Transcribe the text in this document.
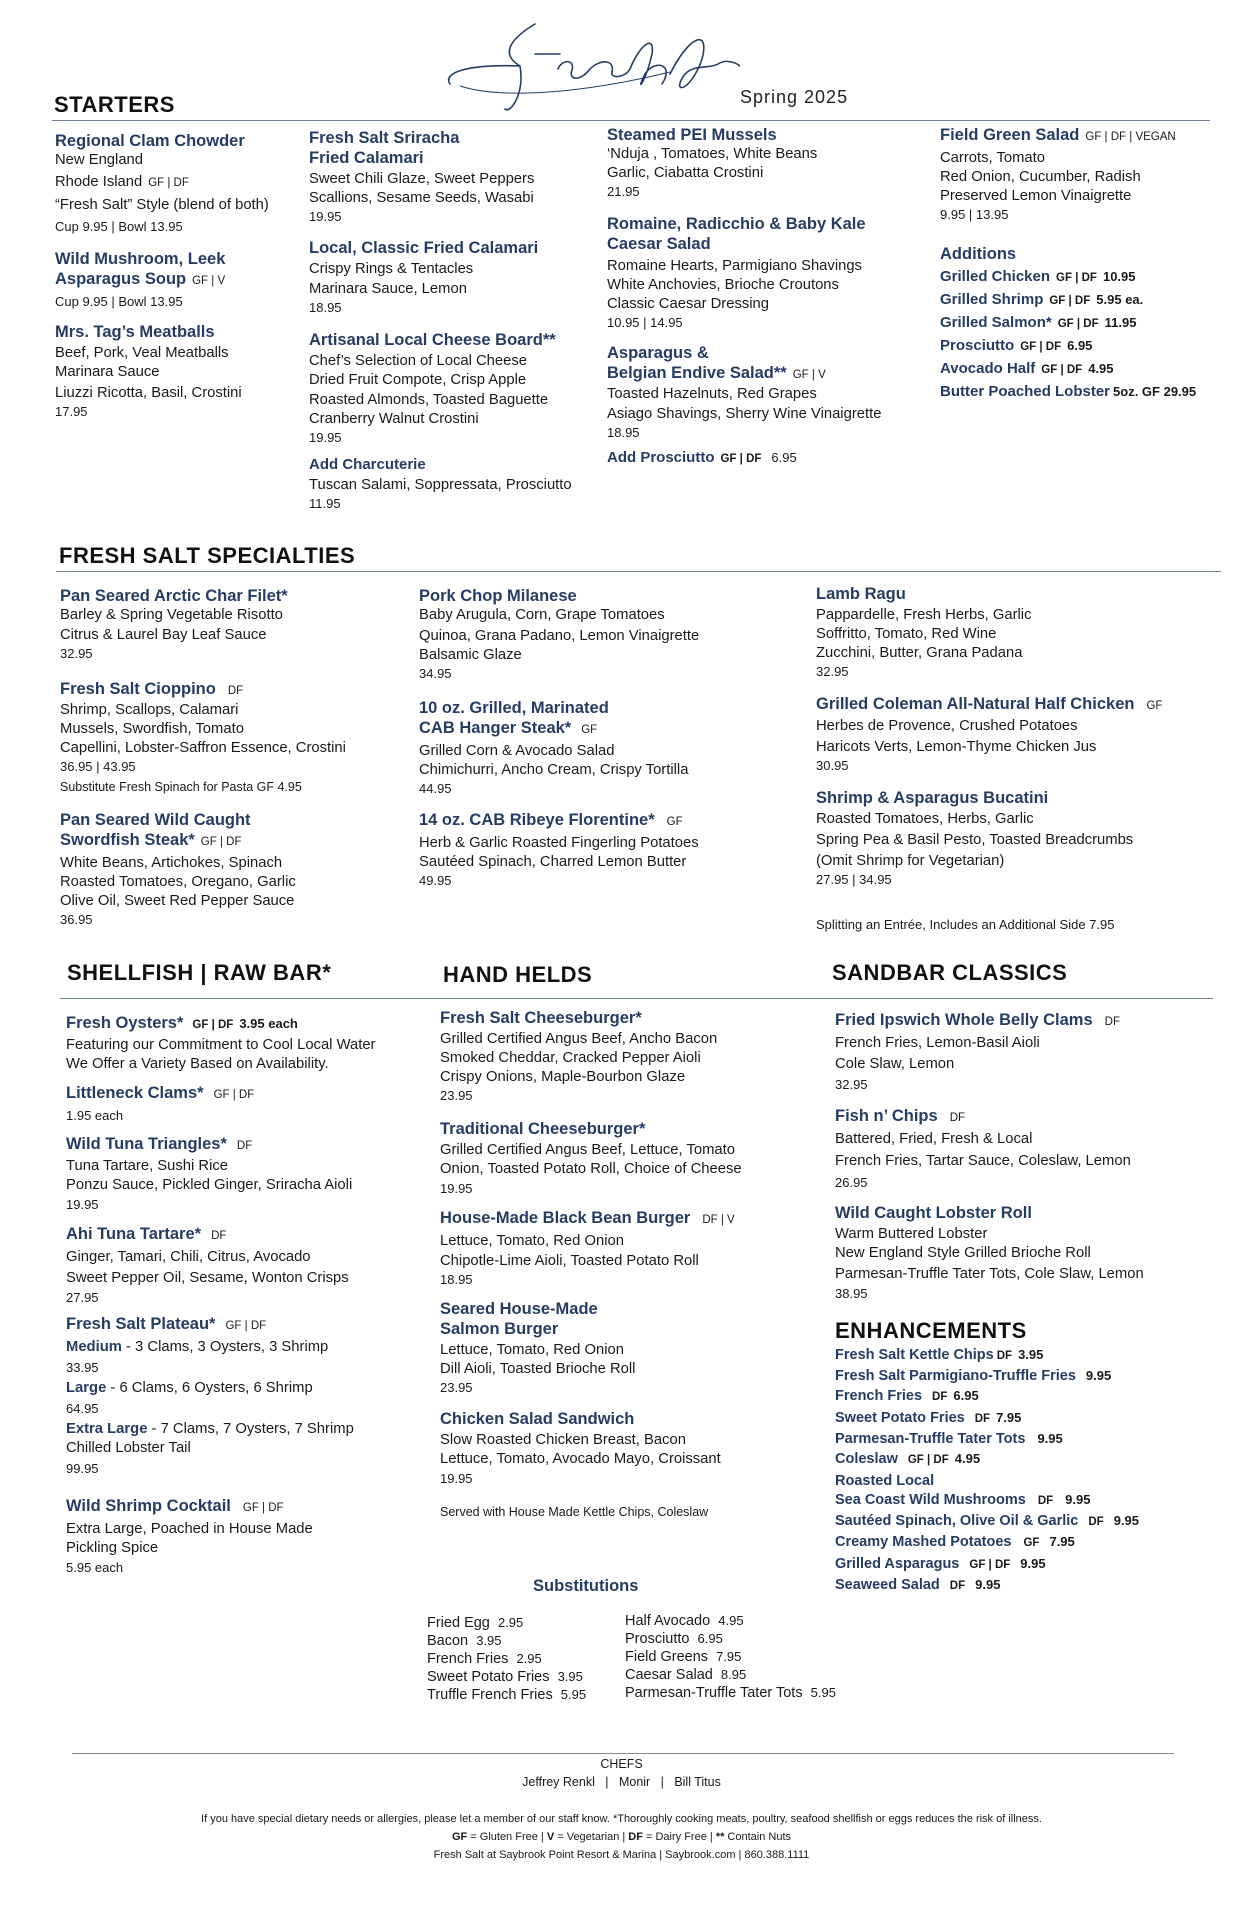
Spring 2025
STARTERS
Regional Clam Chowder
New England
Rhode Island GF | DF
“Fresh Salt” Style (blend of both)
Cup 9.95 | Bowl 13.95
Wild Mushroom, Leek
Asparagus Soup GF | V
Cup 9.95 | Bowl 13.95
Mrs. Tag’s Meatballs
Beef, Pork, Veal Meatballs
Marinara Sauce
Liuzzi Ricotta, Basil, Crostini
17.95
Fresh Salt Sriracha
Fried Calamari
Sweet Chili Glaze, Sweet Peppers
Scallions, Sesame Seeds, Wasabi
19.95
Local, Classic Fried Calamari
Crispy Rings & Tentacles
Marinara Sauce, Lemon
18.95
Artisanal Local Cheese Board**
Chef’s Selection of Local Cheese
Dried Fruit Compote, Crisp Apple
Roasted Almonds, Toasted Baguette
Cranberry Walnut Crostini
19.95
Add Charcuterie
Tuscan Salami, Soppressata, Prosciutto
11.95
Steamed PEI Mussels
‘Nduja , Tomatoes, White Beans
Garlic, Ciabatta Crostini
21.95
Romaine, Radicchio & Baby Kale
Caesar Salad
Romaine Hearts, Parmigiano Shavings
White Anchovies, Brioche Croutons
Classic Caesar Dressing
10.95 | 14.95
Asparagus &
Belgian Endive Salad** GF | V
Toasted Hazelnuts, Red Grapes
Asiago Shavings, Sherry Wine Vinaigrette
18.95
Add Prosciutto GF | DF 6.95
Field Green Salad GF | DF | VEGAN
Carrots, Tomato
Red Onion, Cucumber, Radish
Preserved Lemon Vinaigrette
9.95 | 13.95
Additions
Grilled Chicken GF | DF 10.95
Grilled Shrimp GF | DF 5.95 ea.
Grilled Salmon* GF | DF 11.95
Prosciutto GF | DF 6.95
Avocado Half GF | DF 4.95
Butter Poached Lobster 5oz. GF 29.95
FRESH SALT SPECIALTIES
Pan Seared Arctic Char Filet*
Barley & Spring Vegetable Risotto
Citrus & Laurel Bay Leaf Sauce
32.95
Fresh Salt Cioppino DF
Shrimp, Scallops, Calamari
Mussels, Swordfish, Tomato
Capellini, Lobster-Saffron Essence, Crostini
36.95 | 43.95
Substitute Fresh Spinach for Pasta GF 4.95
Pan Seared Wild Caught
Swordfish Steak* GF | DF
White Beans, Artichokes, Spinach
Roasted Tomatoes, Oregano, Garlic
Olive Oil, Sweet Red Pepper Sauce
36.95
Pork Chop Milanese
Baby Arugula, Corn, Grape Tomatoes
Quinoa, Grana Padano, Lemon Vinaigrette
Balsamic Glaze
34.95
10 oz. Grilled, Marinated
CAB Hanger Steak* GF
Grilled Corn & Avocado Salad
Chimichurri, Ancho Cream, Crispy Tortilla
44.95
14 oz. CAB Ribeye Florentine* GF
Herb & Garlic Roasted Fingerling Potatoes
Sautéed Spinach, Charred Lemon Butter
49.95
Lamb Ragu
Pappardelle, Fresh Herbs, Garlic
Soffritto, Tomato, Red Wine
Zucchini, Butter, Grana Padana
32.95
Grilled Coleman All-Natural Half Chicken GF
Herbes de Provence, Crushed Potatoes
Haricots Verts, Lemon-Thyme Chicken Jus
30.95
Shrimp & Asparagus Bucatini
Roasted Tomatoes, Herbs, Garlic
Spring Pea & Basil Pesto, Toasted Breadcrumbs
(Omit Shrimp for Vegetarian)
27.95 | 34.95
Splitting an Entrée, Includes an Additional Side 7.95
SHELLFISH | RAW BAR*	HAND HELDS	SANDBAR CLASSICS
Fresh Oysters* GF | DF 3.95 each
Featuring our Commitment to Cool Local Water
We Offer a Variety Based on Availability.
Littleneck Clams* GF | DF
1.95 each
Wild Tuna Triangles* DF
Tuna Tartare, Sushi Rice
Ponzu Sauce, Pickled Ginger, Sriracha Aioli
19.95
Ahi Tuna Tartare* DF
Ginger, Tamari, Chili, Citrus, Avocado
Sweet Pepper Oil, Sesame, Wonton Crisps
27.95
Fresh Salt Plateau* GF | DF
Medium - 3 Clams, 3 Oysters, 3 Shrimp
33.95
Large - 6 Clams, 6 Oysters, 6 Shrimp
64.95
Extra Large - 7 Clams, 7 Oysters, 7 Shrimp
Chilled Lobster Tail
99.95
Wild Shrimp Cocktail GF | DF
Extra Large, Poached in House Made
Pickling Spice
5.95 each
Fresh Salt Cheeseburger*
Grilled Certified Angus Beef, Ancho Bacon
Smoked Cheddar, Cracked Pepper Aioli
Crispy Onions, Maple-Bourbon Glaze
23.95
Traditional Cheeseburger*
Grilled Certified Angus Beef, Lettuce, Tomato
Onion, Toasted Potato Roll, Choice of Cheese
19.95
House-Made Black Bean Burger DF | V
Lettuce, Tomato, Red Onion
Chipotle-Lime Aioli, Toasted Potato Roll
18.95
Seared House-Made
Salmon Burger
Lettuce, Tomato, Red Onion
Dill Aioli, Toasted Brioche Roll
23.95
Chicken Salad Sandwich
Slow Roasted Chicken Breast, Bacon
Lettuce, Tomato, Avocado Mayo, Croissant
19.95
Served with House Made Kettle Chips, Coleslaw
Fried Ipswich Whole Belly Clams DF
French Fries, Lemon-Basil Aioli
Cole Slaw, Lemon
32.95
Fish n’ Chips DF
Battered, Fried, Fresh & Local
French Fries, Tartar Sauce, Coleslaw, Lemon
26.95
Wild Caught Lobster Roll
Warm Buttered Lobster
New England Style Grilled Brioche Roll
Parmesan-Truffle Tater Tots, Cole Slaw, Lemon
38.95
ENHANCEMENTS
Fresh Salt Kettle Chips DF 3.95
Fresh Salt Parmigiano-Truffle Fries 9.95
French Fries DF 6.95
Sweet Potato Fries DF 7.95
Parmesan-Truffle Tater Tots 9.95
Coleslaw GF | DF 4.95
Roasted Local
Sea Coast Wild Mushrooms DF 9.95
Sautéed Spinach, Olive Oil & Garlic DF 9.95
Creamy Mashed Potatoes GF 7.95
Grilled Asparagus GF | DF 9.95
Seaweed Salad DF 9.95
Substitutions
Fried Egg 2.95
Bacon 3.95
French Fries 2.95
Sweet Potato Fries 3.95
Truffle French Fries 5.95
Half Avocado 4.95
Prosciutto 6.95
Field Greens 7.95
Caesar Salad 8.95
Parmesan-Truffle Tater Tots 5.95
CHEFS
Jeffrey Renkl | Monir | Bill Titus
If you have special dietary needs or allergies, please let a member of our staff know. *Thoroughly cooking meats, poultry, seafood shellfish or eggs reduces the risk of illness.
GF = Gluten Free | V = Vegetarian | DF = Dairy Free | ** Contain Nuts
Fresh Salt at Saybrook Point Resort & Marina | Saybrook.com | 860.388.1111
